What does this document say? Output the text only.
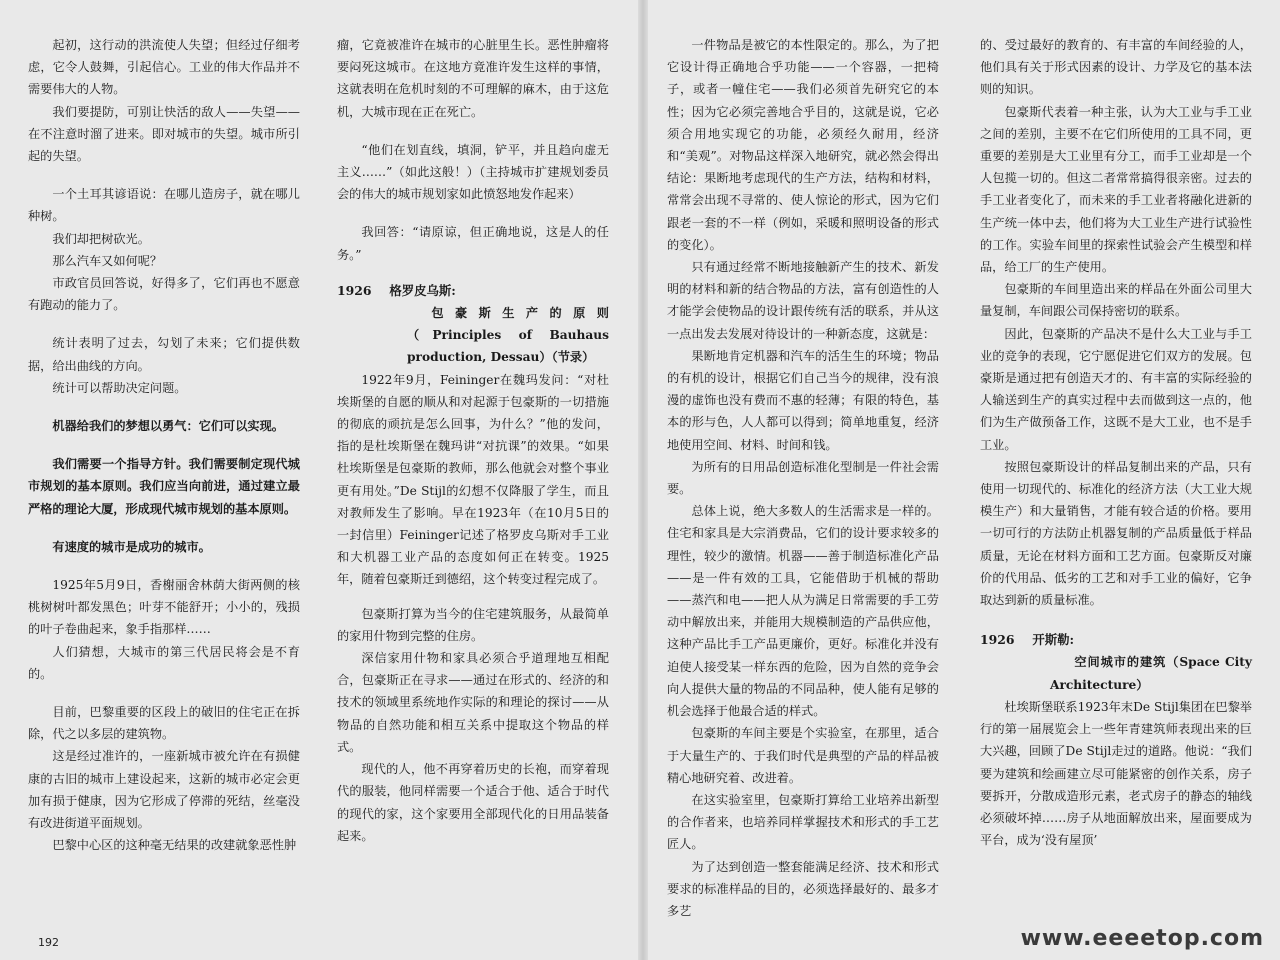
起初，这行动的洪流使人失望；但经过仔细考虑，它令人鼓舞，引起信心。工业的伟大作品并不需要伟大的人物。

我们要提防，可别让快活的敌人——失望——在不注意时溜了进来。即对城市的失望。城市所引起的失望。

一个土耳其谚语说：在哪儿造房子，就在哪儿种树。

我们却把树砍光。

那么汽车又如何呢？

市政官员回答说，好得多了，它们再也不愿意有跑动的能力了。

统计表明了过去，勾划了未来；它们提供数据，给出曲线的方向。

统计可以帮助决定问题。

机器给我们的梦想以勇气：它们可以实现。

我们需要一个指导方针。我们需要制定现代城市规划的基本原则。我们应当向前进，通过建立最严格的理论大厦，形成现代城市规划的基本原则。

有速度的城市是成功的城市。

1925年5月9日，香榭丽舍林荫大街两侧的核桃树树叶都发黑色；叶芽不能舒开；小小的，残损的叶子卷曲起来，象手指那样……

人们猜想，大城市的第三代居民将会是不育的。

目前，巴黎重要的区段上的破旧的住宅正在拆除，代之以多层的建筑物。

这是经过准许的，一座新城市被允许在有损健康的古旧的城市上建设起来，这新的城市必定会更加有损于健康，因为它形成了停滞的死结，丝毫没有改进街道平面规划。

巴黎中心区的这种毫无结果的改建就象恶性肿

瘤，它竟被准许在城市的心脏里生长。恶性肿瘤将要闷死这城市。在这地方竟准许发生这样的事情，这就表明在危机时刻的不可理解的麻木，由于这危机，大城市现在正在死亡。

“他们在划直线，填洞，铲平，并且趋向虚无主义……”（如此这般！）（主持城市扩建规划委员会的伟大的城市规划家如此愤怒地发作起来）

我回答：“请原谅，但正确地说，这是人的任务。”

1926 格罗皮乌斯:

包豪斯生产的原则（Principles of Bauhaus production, Dessau）（节录）

1922年9月，Feininger在魏玛发问：“对杜埃斯堡的自愿的顺从和对起源于包豪斯的一切措施的彻底的顽抗是怎么回事，为什么？”他的发问，指的是杜埃斯堡在魏玛讲“对抗课”的效果。“如果杜埃斯堡是包豪斯的教师，那么他就会对整个事业更有用处。”De Stijl的幻想不仅降服了学生，而且对教师发生了影响。早在1923年（在10月5日的一封信里）Feininger记述了格罗皮乌斯对手工业和大机器工业产品的态度如何正在转变。1925年，随着包豪斯迁到德绍，这个转变过程完成了。

包豪斯打算为当今的住宅建筑服务，从最简单的家用什物到完整的住房。

深信家用什物和家具必须合乎道理地互相配合，包豪斯正在寻求——通过在形式的、经济的和技术的领域里系统地作实际的和理论的探讨——从物品的自然功能和相互关系中提取这个物品的样式。

现代的人，他不再穿着历史的长袍，而穿着现代的服装，他同样需要一个适合于他、适合于时代的现代的家，这个家要用全部现代化的日用品装备起来。

一件物品是被它的本性限定的。那么，为了把它设计得正确地合乎功能——一个容器，一把椅子，或者一幢住宅——我们必须首先研究它的本性；因为它必须完善地合乎目的，这就是说，它必须合用地实现它的功能，必须经久耐用，经济和“美观”。对物品这样深入地研究，就必然会得出结论：果断地考虑现代的生产方法，结构和材料，常常会出现不寻常的、使人惊论的形式，因为它们跟老一套的不一样（例如，采暖和照明设备的形式的变化）。

只有通过经常不断地接触新产生的技术、新发明的材料和新的结合物品的方法，富有创造性的人才能学会使物品的设计跟传统有活的联系，并从这一点出发去发展对待设计的一种新态度，这就是：

果断地肯定机器和汽车的活生生的环境；物品的有机的设计，根据它们自己当今的规律，没有浪漫的虚饰也没有费而不惠的轻薄；有限的特色，基本的形与色，人人都可以得到；简单地重复，经济地使用空间、材料、时间和钱。

为所有的日用品创造标准化型制是一件社会需要。

总体上说，绝大多数人的生活需求是一样的。住宅和家具是大宗消费品，它们的设计要求较多的理性，较少的激情。机器——善于制造标准化产品——是一件有效的工具，它能借助于机械的帮助——蒸汽和电——把人从为满足日常需要的手工劳动中解放出来，并能用大规模制造的产品供应他，这种产品比手工产品更廉价，更好。标准化并没有迫使人接受某一样东西的危险，因为自然的竞争会向人提供大量的物品的不同品种，使人能有足够的机会选择于他最合适的样式。

包豪斯的车间主要是个实验室，在那里，适合于大量生产的、于我们时代是典型的产品的样品被精心地研究着、改进着。

在这实验室里，包豪斯打算给工业培养出新型的合作者来，也培养同样掌握技术和形式的手工艺匠人。

为了达到创造一整套能满足经济、技术和形式要求的标准样品的目的，必须选择最好的、最多才多艺

的、受过最好的教育的、有丰富的车间经验的人，他们具有关于形式因素的设计、力学及它的基本法则的知识。

包豪斯代表着一种主张，认为大工业与手工业之间的差别，主要不在它们所使用的工具不同，更重要的差别是大工业里有分工，而手工业却是一个人包揽一切的。但这二者常常搞得很亲密。过去的手工业者变化了，而未来的手工业者将融化进新的生产统一体中去，他们将为大工业生产进行试验性的工作。实验车间里的探索性试验会产生模型和样品，给工厂的生产使用。

包豪斯的车间里造出来的样品在外面公司里大量复制，车间跟公司保持密切的联系。

因此，包豪斯的产品决不是什么大工业与手工业的竞争的表现，它宁愿促进它们双方的发展。包豪斯是通过把有创造天才的、有丰富的实际经验的人输送到生产的真实过程中去而做到这一点的，他们为生产做预备工作，这既不是大工业，也不是手工业。

按照包豪斯设计的样品复制出来的产品，只有使用一切现代的、标准化的经济方法（大工业大规模生产）和大量销售，才能有较合适的价格。要用一切可行的方法防止机器复制的产品质量低于样品质量，无论在材料方面和工艺方面。包豪斯反对廉价的代用品、低劣的工艺和对手工业的偏好，它争取达到新的质量标准。

1926 开斯勒:

空间城市的建筑（Space City Architecture）

杜埃斯堡联系1923年末De Stijl集团在巴黎举行的第一届展览会上一些年青建筑师表现出来的巨大兴趣，回顾了De Stijl走过的道路。他说：“我们要为建筑和绘画建立尽可能紧密的创作关系，房子要拆开，分散成造形元素，老式房子的静态的轴线必须破坏掉……房子从地面解放出来，屋面要成为平台，成为‘没有屋顶’

192	www.eeeetop.com
